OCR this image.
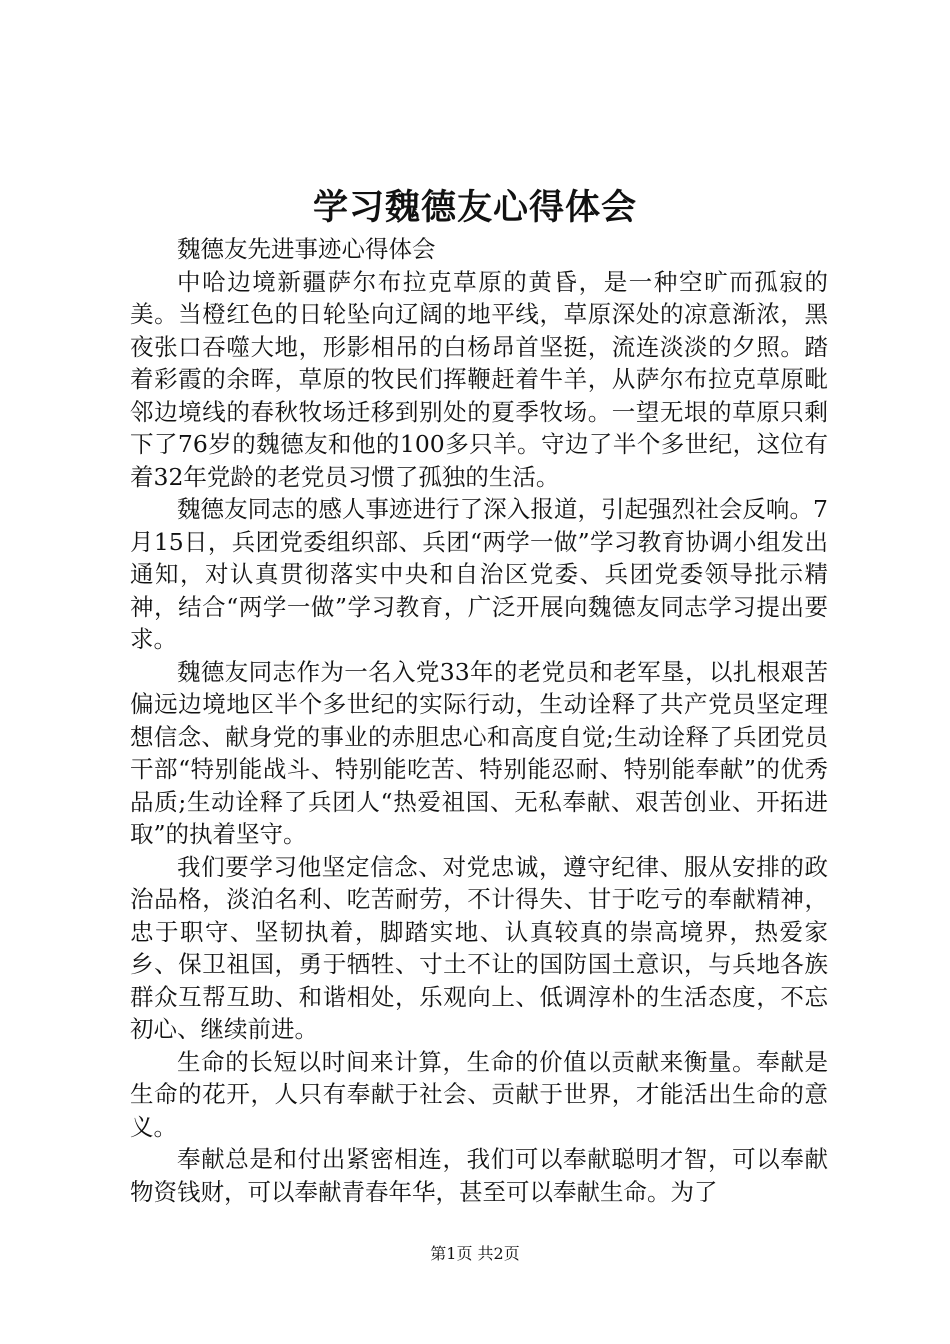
学习魏德友心得体会

魏德友先进事迹心得体会

中哈边境新疆萨尔布拉克草原的黄昏，是一种空旷而孤寂的美。当橙红色的日轮坠向辽阔的地平线，草原深处的凉意渐浓，黑夜张口吞噬大地，形影相吊的白杨昂首坚挺，流连淡淡的夕照。踏着彩霞的余晖，草原的牧民们挥鞭赶着牛羊，从萨尔布拉克草原毗邻边境线的春秋牧场迁移到别处的夏季牧场。一望无垠的草原只剩下了76岁的魏德友和他的100多只羊。守边了半个多世纪，这位有着32年党龄的老党员习惯了孤独的生活。

魏德友同志的感人事迹进行了深入报道，引起强烈社会反响。7月15日，兵团党委组织部、兵团“两学一做”学习教育协调小组发出通知，对认真贯彻落实中央和自治区党委、兵团党委领导批示精神，结合“两学一做”学习教育，广泛开展向魏德友同志学习提出要求。

魏德友同志作为一名入党33年的老党员和老军垦，以扎根艰苦偏远边境地区半个多世纪的实际行动，生动诠释了共产党员坚定理想信念、献身党的事业的赤胆忠心和高度自觉;生动诠释了兵团党员干部“特别能战斗、特别能吃苦、特别能忍耐、特别能奉献”的优秀品质;生动诠释了兵团人“热爱祖国、无私奉献、艰苦创业、开拓进取”的执着坚守。

我们要学习他坚定信念、对党忠诚，遵守纪律、服从安排的政治品格，淡泊名利、吃苦耐劳，不计得失、甘于吃亏的奉献精神，忠于职守、坚韧执着，脚踏实地、认真较真的崇高境界，热爱家乡、保卫祖国，勇于牺牲、寸土不让的国防国土意识，与兵地各族群众互帮互助、和谐相处，乐观向上、低调淳朴的生活态度，不忘初心、继续前进。

生命的长短以时间来计算，生命的价值以贡献来衡量。奉献是生命的花开，人只有奉献于社会、贡献于世界，才能活出生命的意义。

奉献总是和付出紧密相连，我们可以奉献聪明才智，可以奉献物资钱财，可以奉献青春年华，甚至可以奉献生命。为了

第1页 共2页
